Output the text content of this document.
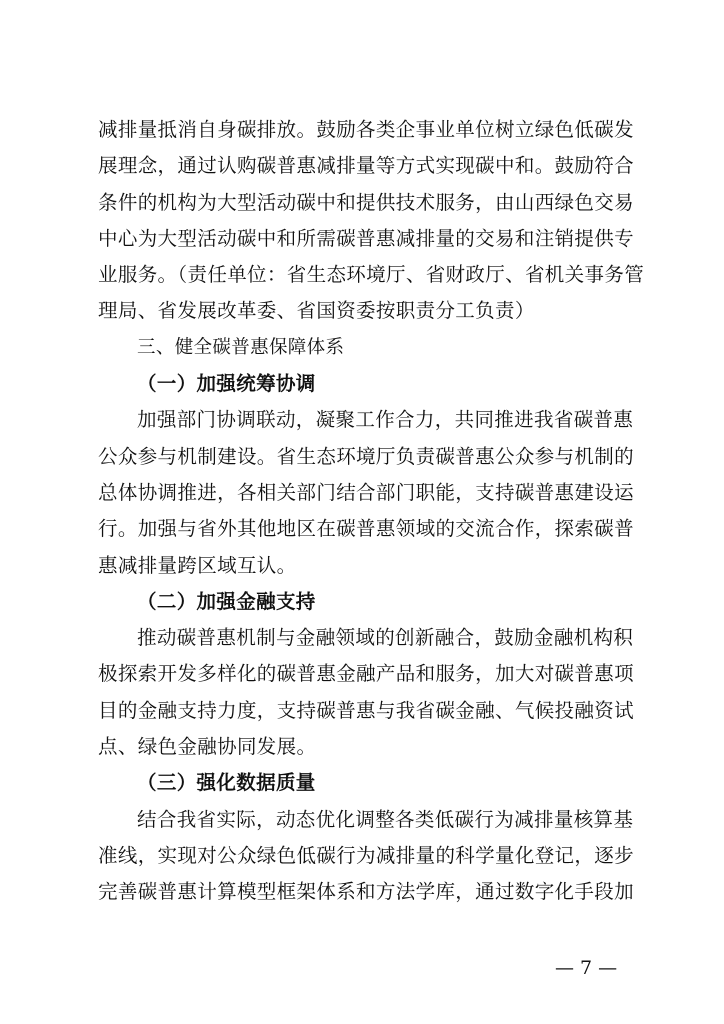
减排量抵消自身碳排放。鼓励各类企事业单位树立绿色低碳发
展理念，通过认购碳普惠减排量等方式实现碳中和。鼓励符合
条件的机构为大型活动碳中和提供技术服务，由山西绿色交易
中心为大型活动碳中和所需碳普惠减排量的交易和注销提供专
业服务。（责任单位：省生态环境厅、省财政厅、省机关事务管
理局、省发展改革委、省国资委按职责分工负责）
三、健全碳普惠保障体系
（一）加强统筹协调
加强部门协调联动，凝聚工作合力，共同推进我省碳普惠
公众参与机制建设。省生态环境厅负责碳普惠公众参与机制的
总体协调推进，各相关部门结合部门职能，支持碳普惠建设运
行。加强与省外其他地区在碳普惠领域的交流合作，探索碳普
惠减排量跨区域互认。
（二）加强金融支持
推动碳普惠机制与金融领域的创新融合，鼓励金融机构积
极探索开发多样化的碳普惠金融产品和服务，加大对碳普惠项
目的金融支持力度，支持碳普惠与我省碳金融、气候投融资试
点、绿色金融协同发展。
（三）强化数据质量
结合我省实际，动态优化调整各类低碳行为减排量核算基
准线，实现对公众绿色低碳行为减排量的科学量化登记，逐步
完善碳普惠计算模型框架体系和方法学库，通过数字化手段加
— 7 —
